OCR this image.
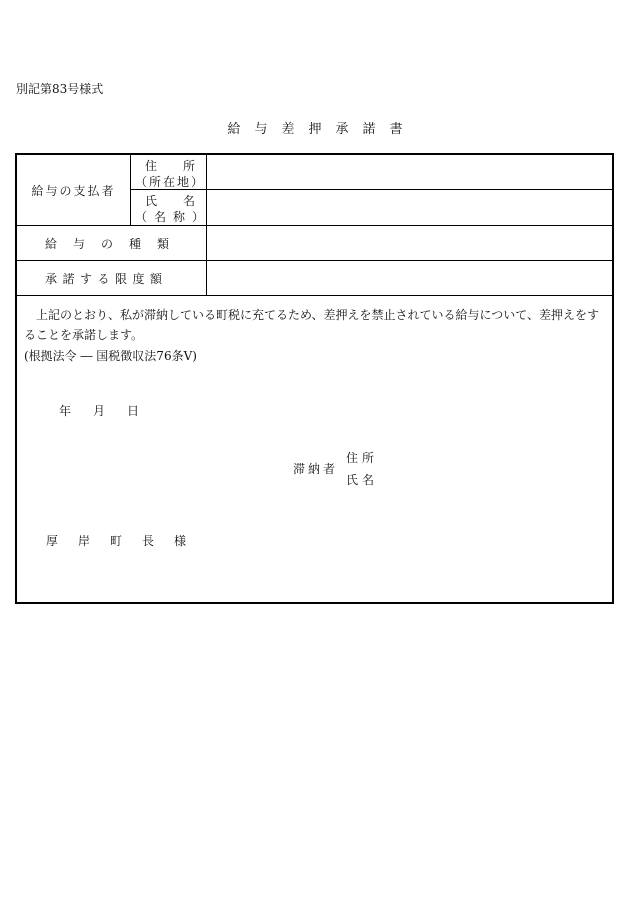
別記第83号様式
給与差押承諾書
給与の支払者
住 所
（所在地）
氏 名
（名称）
給与の種類
承諾する限度額
上記のとおり、私が滞納している町税に充てるため、差押えを禁止されている給与について、差押えをすることを承諾します。
(根拠法令 ― 国税徴収法76条Ⅴ)
年 月 日
滞納者
住所
氏名
厚 岸 町 長 様
